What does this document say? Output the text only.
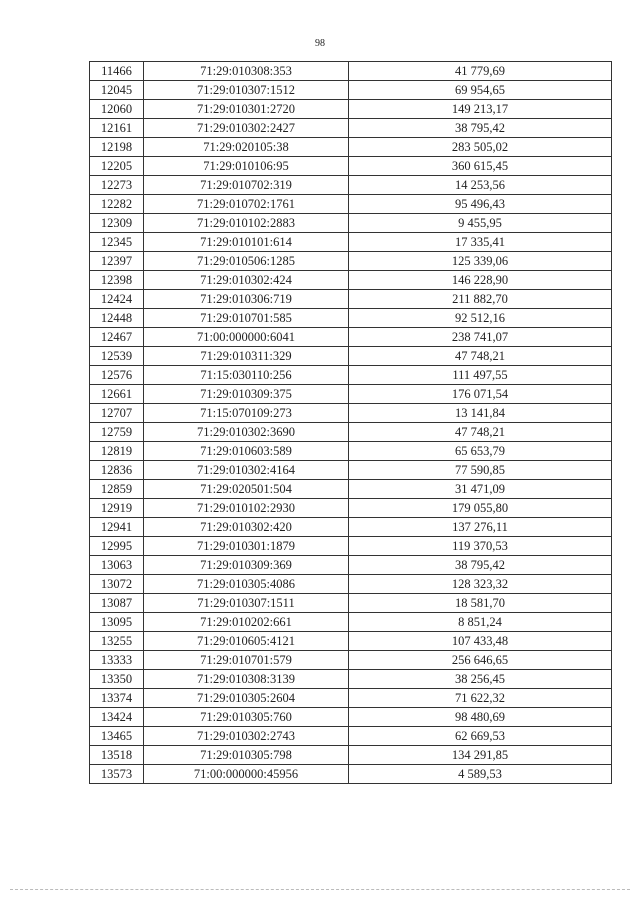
98
11466	71:29:010308:353	41 779,69
12045	71:29:010307:1512	69 954,65
12060	71:29:010301:2720	149 213,17
12161	71:29:010302:2427	38 795,42
12198	71:29:020105:38	283 505,02
12205	71:29:010106:95	360 615,45
12273	71:29:010702:319	14 253,56
12282	71:29:010702:1761	95 496,43
12309	71:29:010102:2883	9 455,95
12345	71:29:010101:614	17 335,41
12397	71:29:010506:1285	125 339,06
12398	71:29:010302:424	146 228,90
12424	71:29:010306:719	211 882,70
12448	71:29:010701:585	92 512,16
12467	71:00:000000:6041	238 741,07
12539	71:29:010311:329	47 748,21
12576	71:15:030110:256	111 497,55
12661	71:29:010309:375	176 071,54
12707	71:15:070109:273	13 141,84
12759	71:29:010302:3690	47 748,21
12819	71:29:010603:589	65 653,79
12836	71:29:010302:4164	77 590,85
12859	71:29:020501:504	31 471,09
12919	71:29:010102:2930	179 055,80
12941	71:29:010302:420	137 276,11
12995	71:29:010301:1879	119 370,53
13063	71:29:010309:369	38 795,42
13072	71:29:010305:4086	128 323,32
13087	71:29:010307:1511	18 581,70
13095	71:29:010202:661	8 851,24
13255	71:29:010605:4121	107 433,48
13333	71:29:010701:579	256 646,65
13350	71:29:010308:3139	38 256,45
13374	71:29:010305:2604	71 622,32
13424	71:29:010305:760	98 480,69
13465	71:29:010302:2743	62 669,53
13518	71:29:010305:798	134 291,85
13573	71:00:000000:45956	4 589,53
